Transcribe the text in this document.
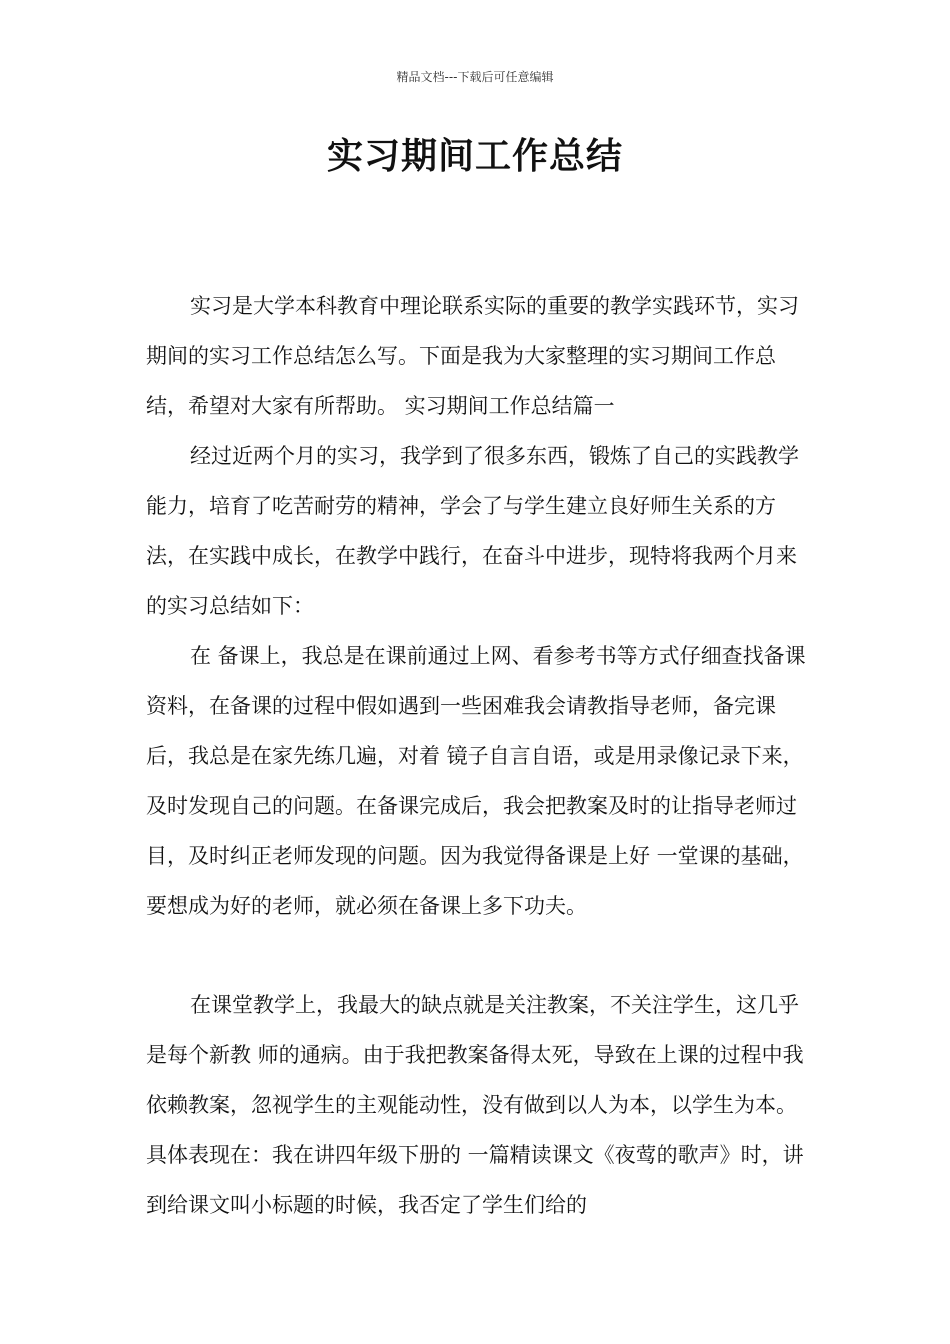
精品文档---下载后可任意编辑
实习期间工作总结

实习是大学本科教育中理论联系实际的重要的教学实践环节，实习期间的实习工作总结怎么写。下面是我为大家整理的实习期间工作总结，希望对大家有所帮助。 实习期间工作总结篇一

经过近两个月的实习，我学到了很多东西，锻炼了自己的实践教学能力，培育了吃苦耐劳的精神，学会了与学生建立良好师生关系的方法，在实践中成长，在教学中践行，在奋斗中进步，现特将我两个月来的实习总结如下：

在 备课上，我总是在课前通过上网、看参考书等方式仔细查找备课资料，在备课的过程中假如遇到一些困难我会请教指导老师，备完课后，我总是在家先练几遍，对着 镜子自言自语，或是用录像记录下来，及时发现自己的问题。在备课完成后，我会把教案及时的让指导老师过目，及时纠正老师发现的问题。因为我觉得备课是上好 一堂课的基础，要想成为好的老师，就必须在备课上多下功夫。

在课堂教学上，我最大的缺点就是关注教案，不关注学生，这几乎是每个新教 师的通病。由于我把教案备得太死，导致在上课的过程中我依赖教案，忽视学生的主观能动性，没有做到以人为本，以学生为本。具体表现在：我在讲四年级下册的 一篇精读课文《夜莺的歌声》时，讲到给课文叫小标题的时候，我否定了学生们给的
